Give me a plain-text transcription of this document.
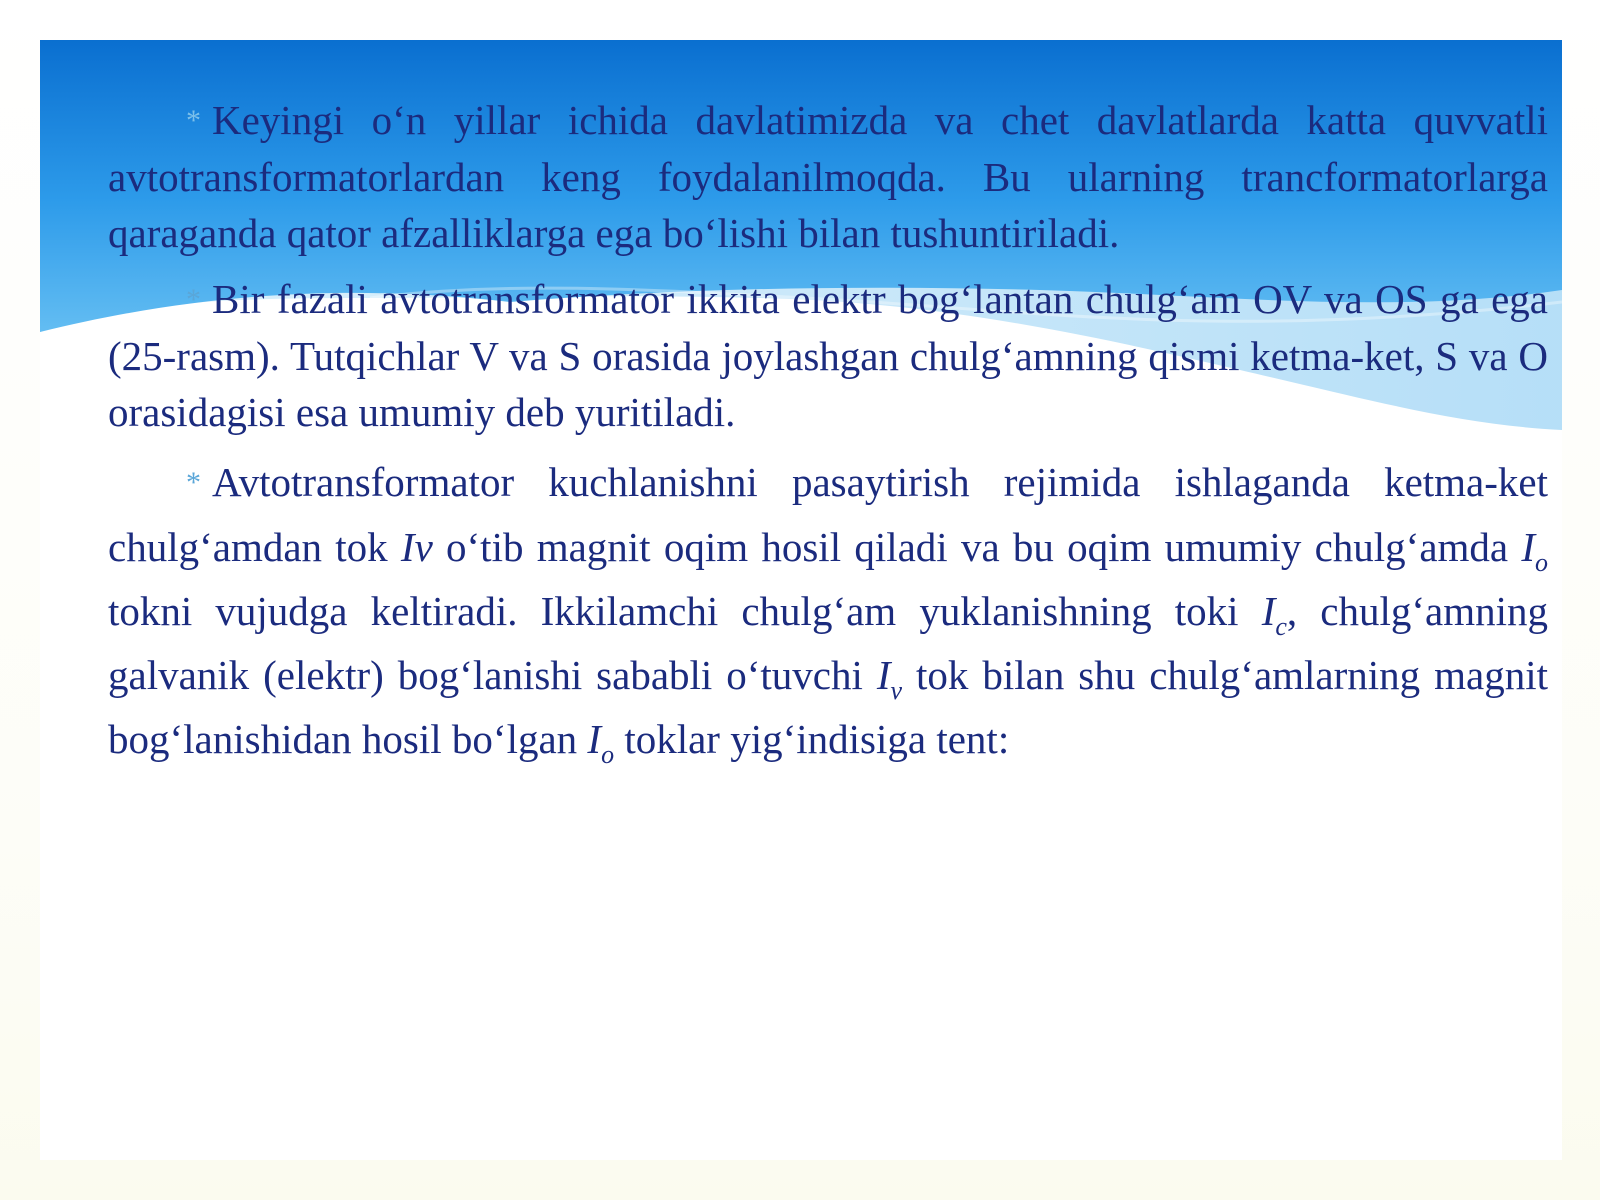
* Keyingi o‘n yillar ichida davlatimizda va chet davlatlarda katta quvvatli avtotransformatorlardan keng foydalanilmoqda. Bu ularning trancformatorlarga qaraganda qator afzalliklarga ega bo‘lishi bilan tushuntiriladi.

* Bir fazali avtotransformator ikkita elektr bog‘lantan chulg‘am OV va OS ga ega (25-rasm). Tutqichlar V va S orasida joylashgan chulg‘amning qismi ketma-ket, S va O orasidagisi esa umumiy deb yuritiladi.

* Avtotransformator kuchlanishni pasaytirish rejimida ishlaganda ketma-ket chulg‘amdan tok Iv o‘tib magnit oqim hosil qiladi va bu oqim umumiy chulg‘amda $I_o$ tokni vujudga keltiradi. Ikkilamchi chulg‘am yuklanishning toki $I_c$, chulg‘amning galvanik (elektr) bog‘lanishi sababli o‘tuvchi $I_v$ tok bilan shu chulg‘amlarning magnit bog‘lanishidan hosil bo‘lgan $I_o$ toklar yig‘indisiga tent:
